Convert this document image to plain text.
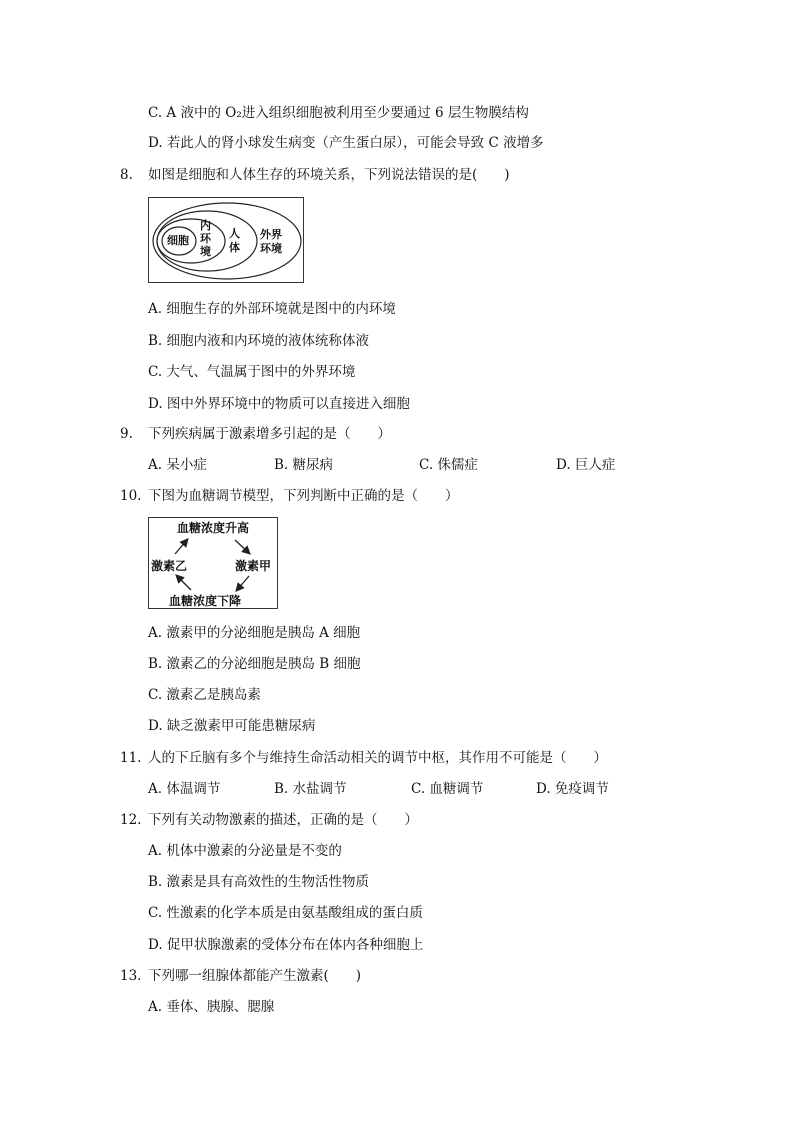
C. A 液中的 O₂进入组织细胞被利用至少要通过 6 层生物膜结构
D. 若此人的肾小球发生病变（产生蛋白尿），可能会导致 C 液增多
8. 如图是细胞和人体生存的环境关系，下列说法错误的是(　　)
细胞
内
环
境
人
体
外界
环境
A. 细胞生存的外部环境就是图中的内环境
B. 细胞内液和内环境的液体统称体液
C. 大气、气温属于图中的外界环境
D. 图中外界环境中的物质可以直接进入细胞
9. 下列疾病属于激素增多引起的是（　　）
A. 呆小症	B. 糖尿病	C. 侏儒症	D. 巨人症
10. 下图为血糖调节模型，下列判断中正确的是（　　）
血糖浓度升高
激素甲
血糖浓度下降
激素乙
A. 激素甲的分泌细胞是胰岛 A 细胞
B. 激素乙的分泌细胞是胰岛 B 细胞
C. 激素乙是胰岛素
D. 缺乏激素甲可能患糖尿病
11. 人的下丘脑有多个与维持生命活动相关的调节中枢，其作用不可能是（　　）
A. 体温调节	B. 水盐调节	C. 血糖调节	D. 免疫调节
12. 下列有关动物激素的描述，正确的是（　　）
A. 机体中激素的分泌量是不变的
B. 激素是具有高效性的生物活性物质
C. 性激素的化学本质是由氨基酸组成的蛋白质
D. 促甲状腺激素的受体分布在体内各种细胞上
13. 下列哪一组腺体都能产生激素(　　)
A. 垂体、胰腺、腮腺
